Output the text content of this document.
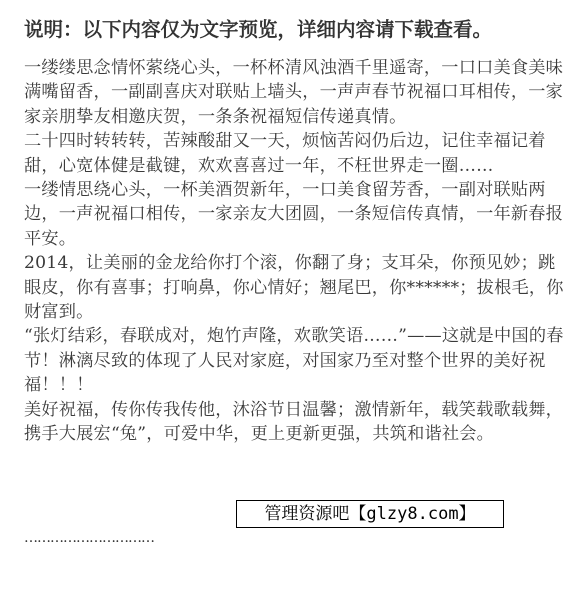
说明：以下内容仅为文字预览，详细内容请下载查看。

一缕缕思念情怀萦绕心头，一杯杯清风浊酒千里遥寄，一口口美食美味满嘴留香，一副副喜庆对联贴上墙头，一声声春节祝福口耳相传，一家家亲朋挚友相邀庆贺，一条条祝福短信传递真情。

二十四时转转转，苦辣酸甜又一天，烦恼苦闷仍后边，记住幸福记着甜，心宽体健是截键，欢欢喜喜过一年，不枉世界走一圈……

一缕情思绕心头，一杯美酒贺新年，一口美食留芳香，一副对联贴两边，一声祝福口相传，一家亲友大团圆，一条短信传真情，一年新春报平安。

2014，让美丽的金龙给你打个滚，你翻了身；支耳朵，你预见妙；跳眼皮，你有喜事；打响鼻，你心情好；翘尾巴，你******；拔根毛，你财富到。

“张灯结彩，春联成对，炮竹声隆，欢歌笑语……”——这就是中国的春节！淋漓尽致的体现了人民对家庭，对国家乃至对整个世界的美好祝福！！！

美好祝福，传你传我传他，沐浴节日温馨；激情新年，载笑载歌载舞，携手大展宏“兔”，可爱中华，更上更新更强，共筑和谐社会。

…………………………
管理资源吧【glzy8.com】
